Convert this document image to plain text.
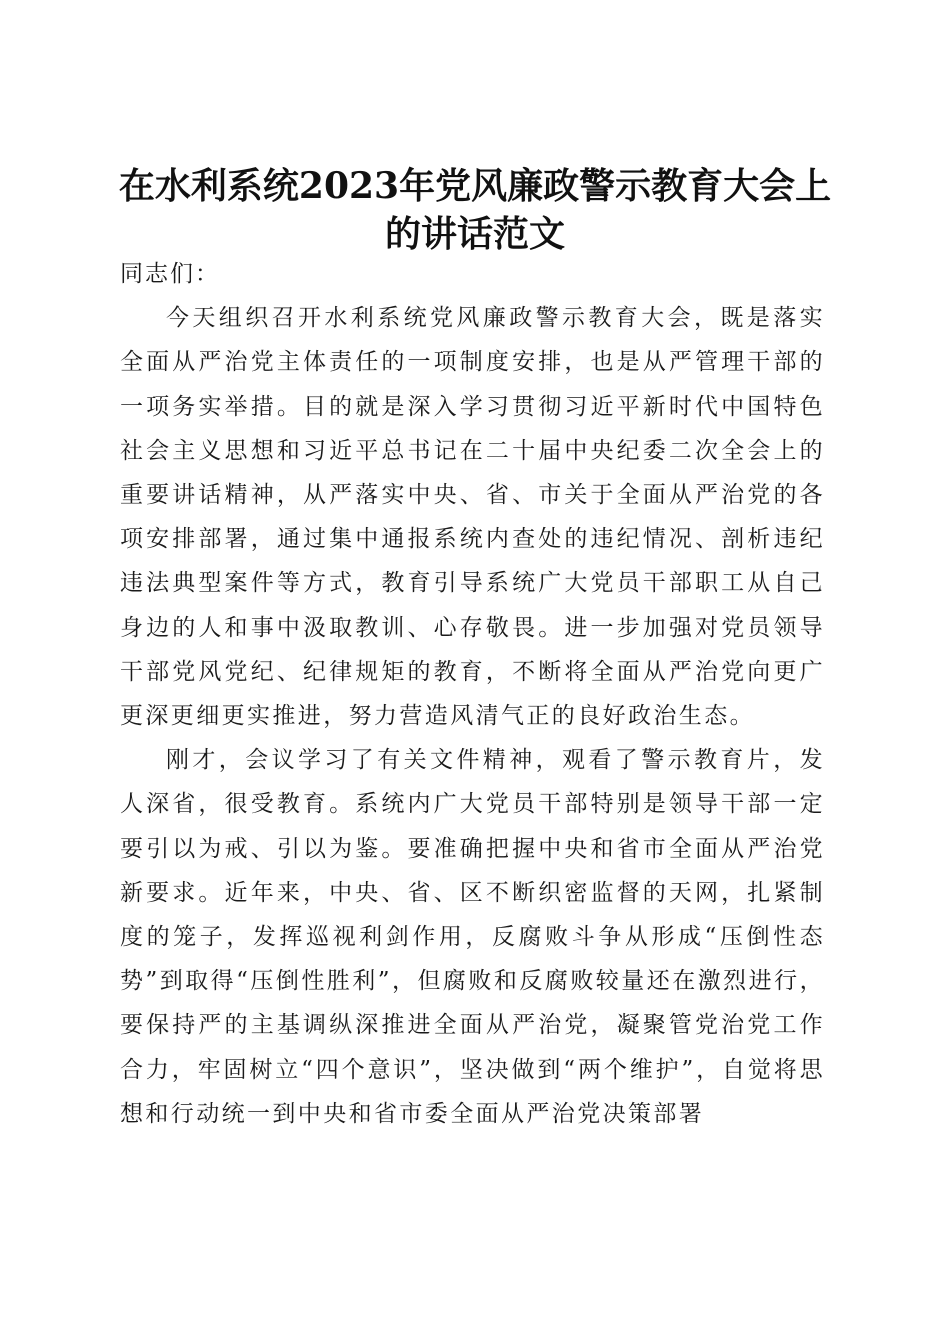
在水利系统2023年党风廉政警示教育大会上
的讲话范文

同志们：

今天组织召开水利系统党风廉政警示教育大会，既是落实全面从严治党主体责任的一项制度安排，也是从严管理干部的一项务实举措。目的就是深入学习贯彻习近平新时代中国特色社会主义思想和习近平总书记在二十届中央纪委二次全会上的重要讲话精神，从严落实中央、省、市关于全面从严治党的各项安排部署，通过集中通报系统内查处的违纪情况、剖析违纪违法典型案件等方式，教育引导系统广大党员干部职工从自己身边的人和事中汲取教训、心存敬畏。进一步加强对党员领导干部党风党纪、纪律规矩的教育，不断将全面从严治党向更广更深更细更实推进，努力营造风清气正的良好政治生态。

刚才，会议学习了有关文件精神，观看了警示教育片，发人深省，很受教育。系统内广大党员干部特别是领导干部一定要引以为戒、引以为鉴。要准确把握中央和省市全面从严治党新要求。近年来，中央、省、区不断织密监督的天网，扎紧制度的笼子，发挥巡视利剑作用，反腐败斗争从形成“压倒性态势”到取得“压倒性胜利”，但腐败和反腐败较量还在激烈进行，要保持严的主基调纵深推进全面从严治党，凝聚管党治党工作合力，牢固树立“四个意识”，坚决做到“两个维护”，自觉将思想和行动统一到中央和省市委全面从严治党决策部署
